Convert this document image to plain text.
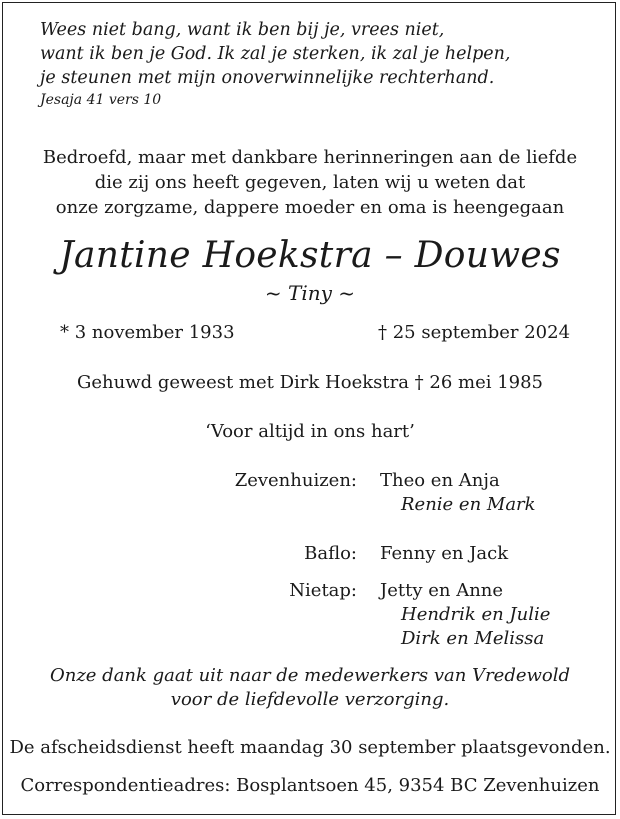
Wees niet bang, want ik ben bij je, vrees niet,
want ik ben je God. Ik zal je sterken, ik zal je helpen,
je steunen met mijn onoverwinnelijke rechterhand.
Jesaja 41 vers 10
Bedroefd, maar met dankbare herinneringen aan de liefde
die zij ons heeft gegeven, laten wij u weten dat
onze zorgzame, dappere moeder en oma is heengegaan
Jantine Hoekstra – Douwes
~ Tiny ~
* 3 november 1933	† 25 september 2024
Gehuwd geweest met Dirk Hoekstra † 26 mei 1985
‘Voor altijd in ons hart’
Zevenhuizen: Theo en Anja
Renie en Mark
Baflo: Fenny en Jack
Nietap: Jetty en Anne
Hendrik en Julie
Dirk en Melissa
Onze dank gaat uit naar de medewerkers van Vredewold
voor de liefdevolle verzorging.
De afscheidsdienst heeft maandag 30 september plaatsgevonden.
Correspondentieadres: Bosplantsoen 45, 9354 BC Zevenhuizen
